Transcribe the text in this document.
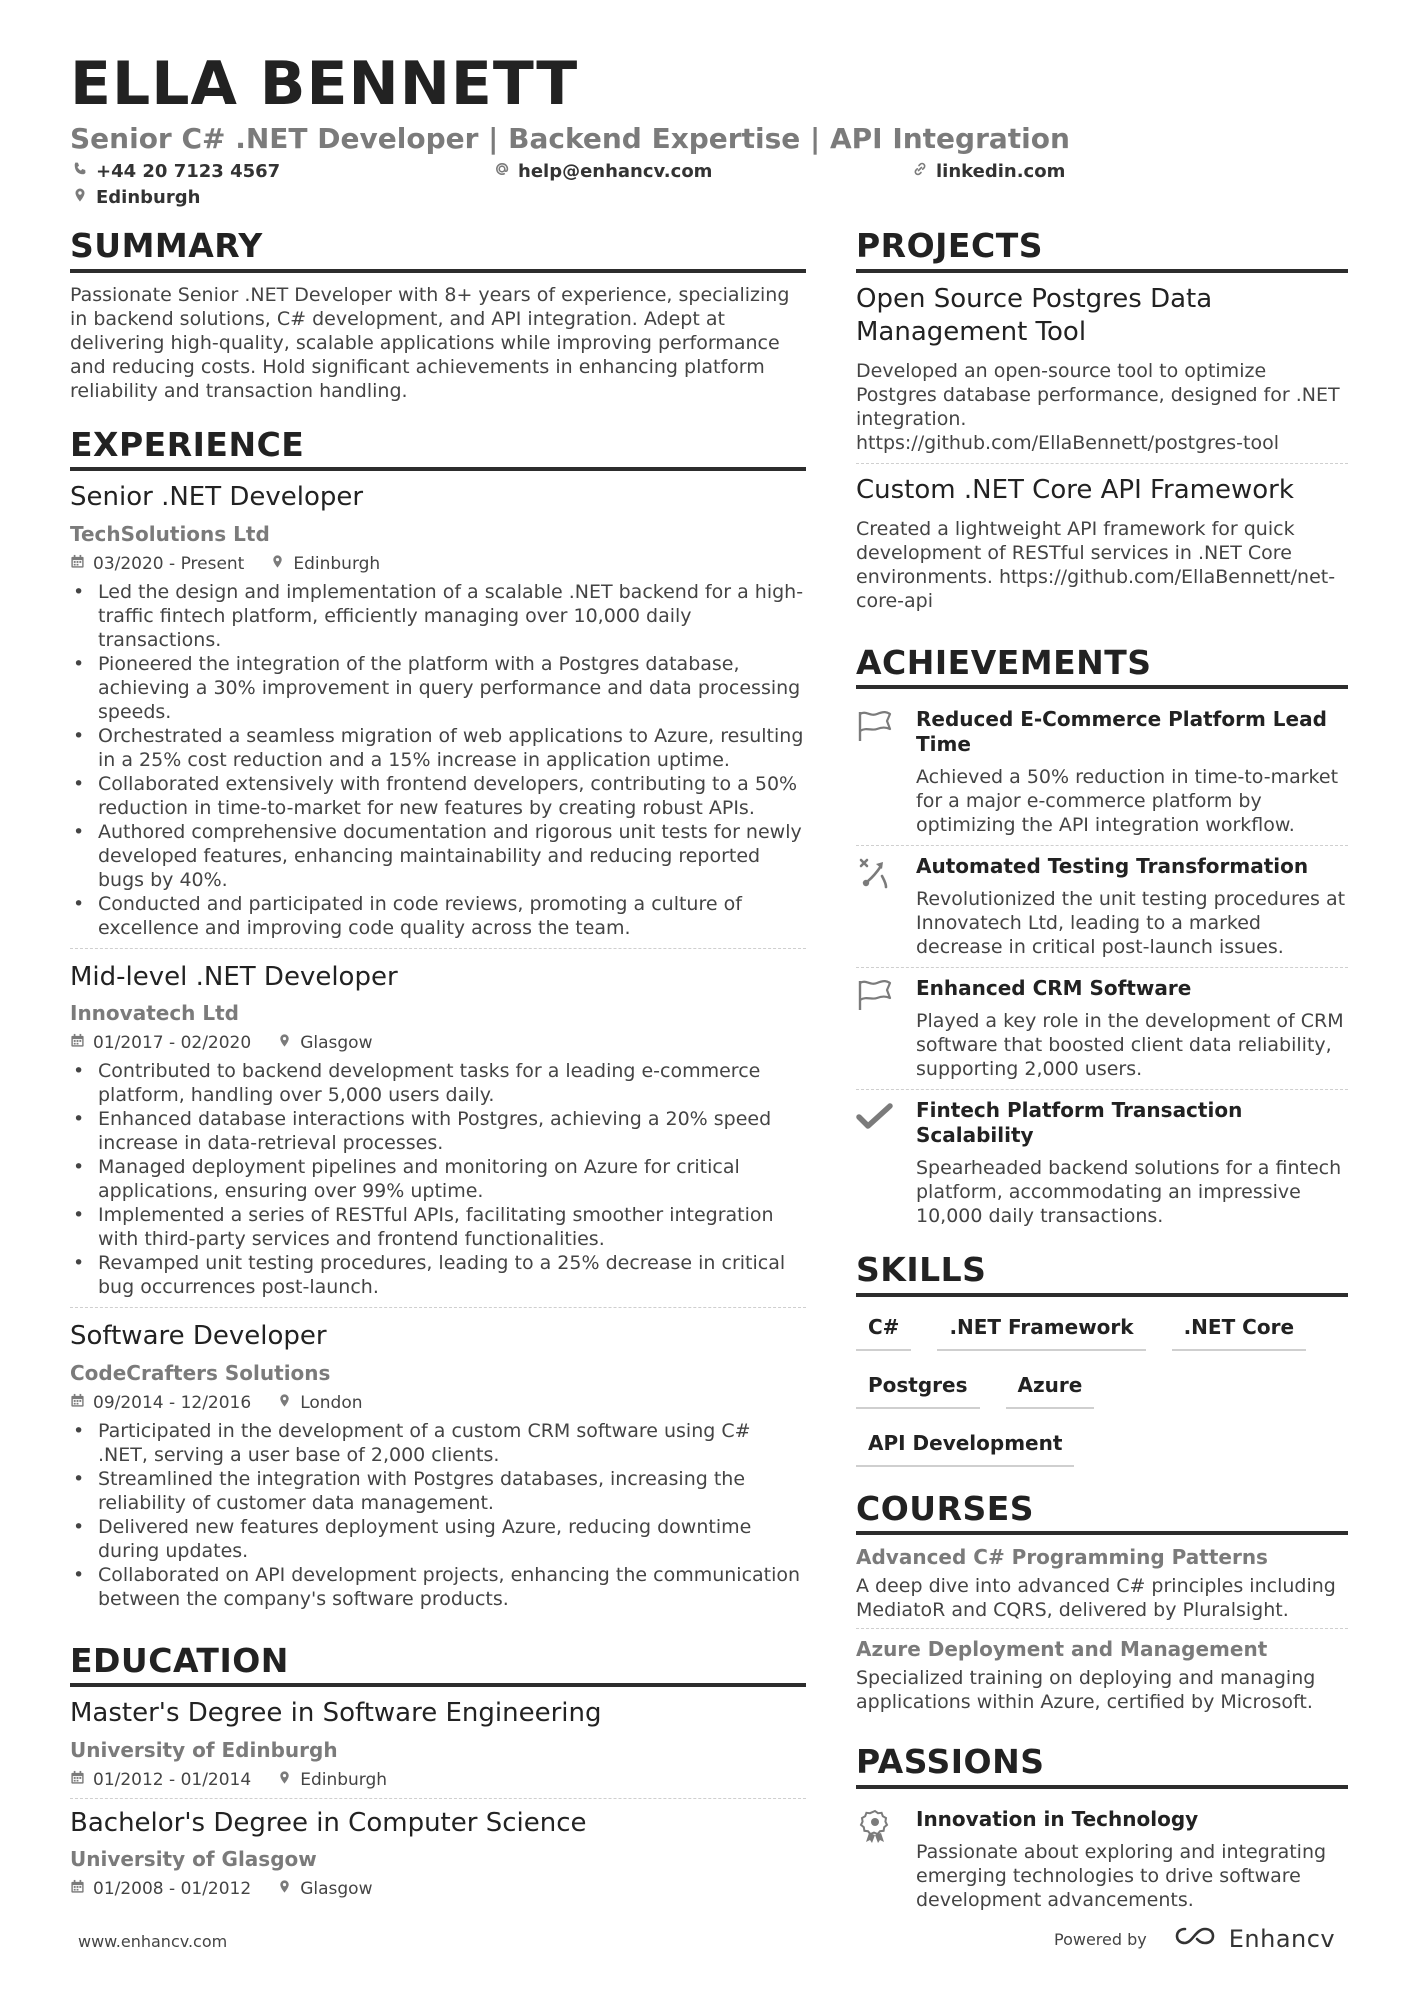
ELLA BENNETT
Senior C# .NET Developer | Backend Expertise | API Integration
+44 20 7123 4567	help@enhancv.com	linkedin.com
Edinburgh
SUMMARY
Passionate Senior .NET Developer with 8+ years of experience, specializing in backend solutions, C# development, and API integration. Adept at delivering high-quality, scalable applications while improving performance and reducing costs. Hold significant achievements in enhancing platform reliability and transaction handling.
EXPERIENCE
Senior .NET Developer
TechSolutions Ltd
03/2020 - Present	Edinburgh
• Led the design and implementation of a scalable .NET backend for a high-traffic fintech platform, efficiently managing over 10,000 daily transactions.
• Pioneered the integration of the platform with a Postgres database, achieving a 30% improvement in query performance and data processing speeds.
• Orchestrated a seamless migration of web applications to Azure, resulting in a 25% cost reduction and a 15% increase in application uptime.
• Collaborated extensively with frontend developers, contributing to a 50% reduction in time-to-market for new features by creating robust APIs.
• Authored comprehensive documentation and rigorous unit tests for newly developed features, enhancing maintainability and reducing reported bugs by 40%.
• Conducted and participated in code reviews, promoting a culture of excellence and improving code quality across the team.
Mid-level .NET Developer
Innovatech Ltd
01/2017 - 02/2020	Glasgow
• Contributed to backend development tasks for a leading e-commerce platform, handling over 5,000 users daily.
• Enhanced database interactions with Postgres, achieving a 20% speed increase in data-retrieval processes.
• Managed deployment pipelines and monitoring on Azure for critical applications, ensuring over 99% uptime.
• Implemented a series of RESTful APIs, facilitating smoother integration with third-party services and frontend functionalities.
• Revamped unit testing procedures, leading to a 25% decrease in critical bug occurrences post-launch.
Software Developer
CodeCrafters Solutions
09/2014 - 12/2016	London
• Participated in the development of a custom CRM software using C# .NET, serving a user base of 2,000 clients.
• Streamlined the integration with Postgres databases, increasing the reliability of customer data management.
• Delivered new features deployment using Azure, reducing downtime during updates.
• Collaborated on API development projects, enhancing the communication between the company's software products.
EDUCATION
Master's Degree in Software Engineering
University of Edinburgh
01/2012 - 01/2014	Edinburgh
Bachelor's Degree in Computer Science
University of Glasgow
01/2008 - 01/2012	Glasgow
PROJECTS
Open Source Postgres Data Management Tool
Developed an open-source tool to optimize Postgres database performance, designed for .NET integration. https://github.com/EllaBennett/postgres-tool
Custom .NET Core API Framework
Created a lightweight API framework for quick development of RESTful services in .NET Core environments. https://github.com/EllaBennett/net-core-api
ACHIEVEMENTS
Reduced E-Commerce Platform Lead Time
Achieved a 50% reduction in time-to-market for a major e-commerce platform by optimizing the API integration workflow.
Automated Testing Transformation
Revolutionized the unit testing procedures at Innovatech Ltd, leading to a marked decrease in critical post-launch issues.
Enhanced CRM Software
Played a key role in the development of CRM software that boosted client data reliability, supporting 2,000 users.
Fintech Platform Transaction Scalability
Spearheaded backend solutions for a fintech platform, accommodating an impressive 10,000 daily transactions.
SKILLS
C#	.NET Framework	.NET Core
Postgres	Azure
API Development
COURSES
Advanced C# Programming Patterns
A deep dive into advanced C# principles including MediatoR and CQRS, delivered by Pluralsight.
Azure Deployment and Management
Specialized training on deploying and managing applications within Azure, certified by Microsoft.
PASSIONS
Innovation in Technology
Passionate about exploring and integrating emerging technologies to drive software development advancements.
www.enhancv.com	Powered by	Enhancv
